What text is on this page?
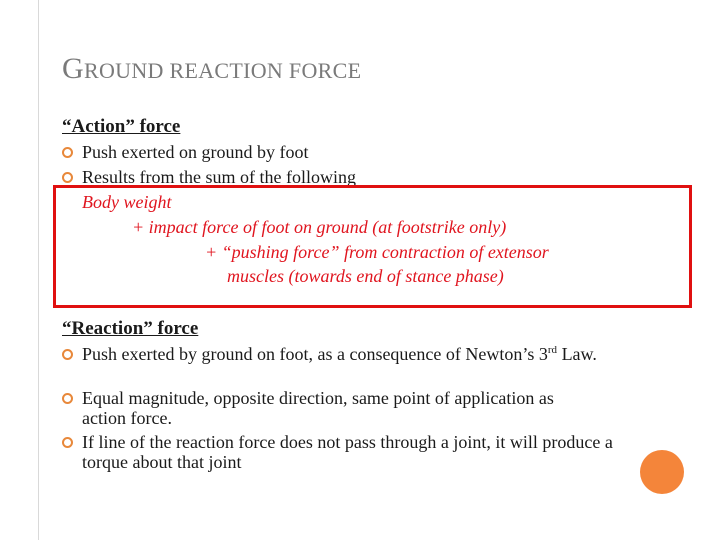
GROUND REACTION FORCE
“Action” force
Push exerted on ground by foot
Results from the sum of the following
Body weight
+ impact force of foot on ground (at footstrike only)
+ “pushing force” from contraction of extensor
muscles (towards end of stance phase)
“Reaction” force
Push exerted by ground on foot, as a consequence of Newton’s 3rd Law.
Equal magnitude, opposite direction, same point of application as action force.
If line of the reaction force does not pass through a joint, it will produce a torque about that joint
